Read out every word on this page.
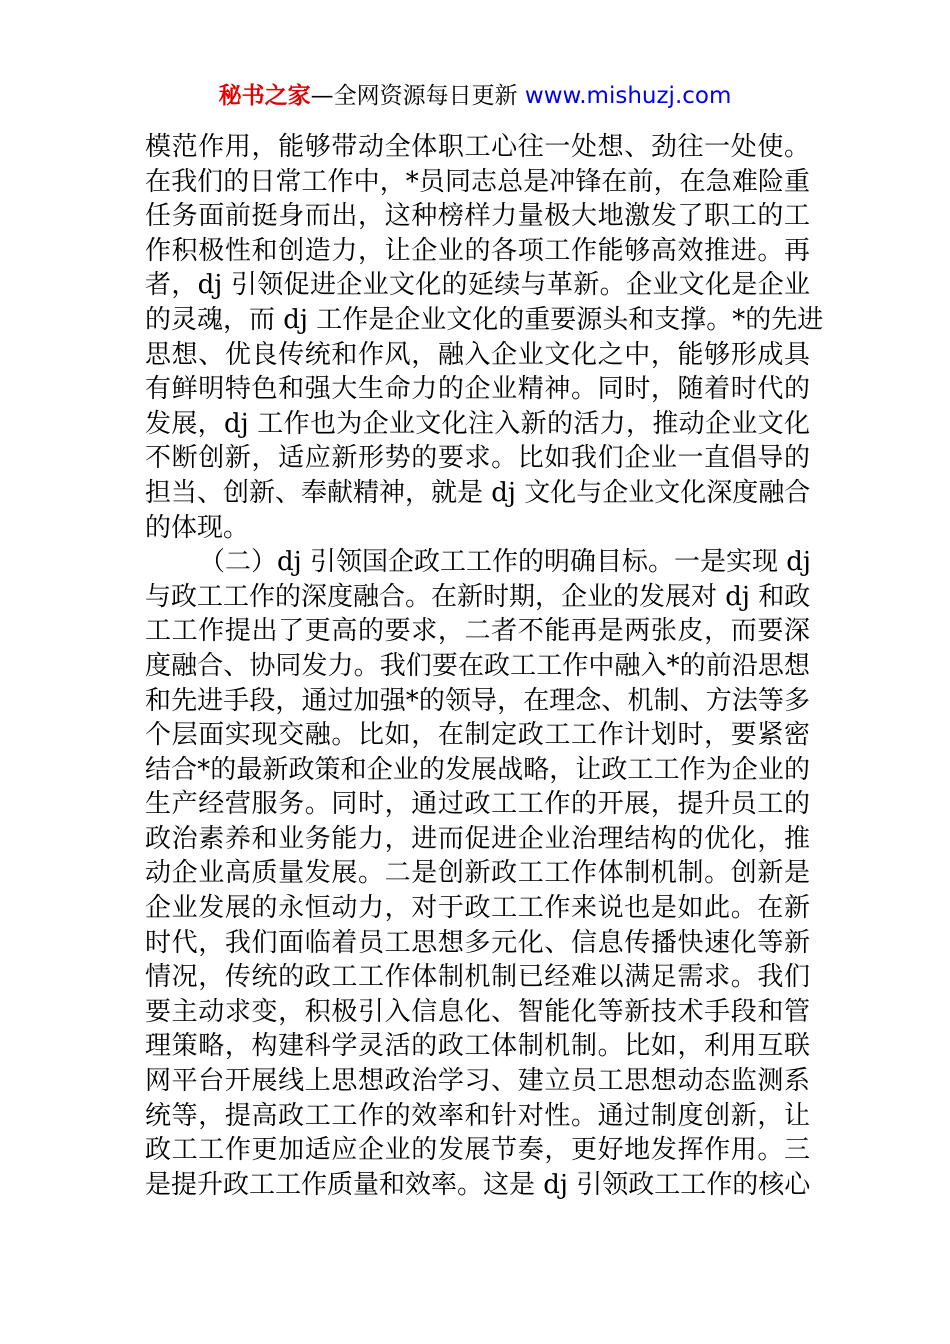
秘书之家—全网资源每日更新 www.mishuzj.com
模范作用，能够带动全体职工心往一处想、劲往一处使。
在我们的日常工作中，*员同志总是冲锋在前，在急难险重
任务面前挺身而出，这种榜样力量极大地激发了职工的工
作积极性和创造力，让企业的各项工作能够高效推进。再
者，dj 引领促进企业文化的延续与革新。企业文化是企业
的灵魂，而 dj 工作是企业文化的重要源头和支撑。*的先进
思想、优良传统和作风，融入企业文化之中，能够形成具
有鲜明特色和强大生命力的企业精神。同时，随着时代的
发展，dj 工作也为企业文化注入新的活力，推动企业文化
不断创新，适应新形势的要求。比如我们企业一直倡导的
担当、创新、奉献精神，就是 dj 文化与企业文化深度融合
的体现。
（二）dj 引领国企政工工作的明确目标。一是实现 dj
与政工工作的深度融合。在新时期，企业的发展对 dj 和政
工工作提出了更高的要求，二者不能再是两张皮，而要深
度融合、协同发力。我们要在政工工作中融入*的前沿思想
和先进手段，通过加强*的领导，在理念、机制、方法等多
个层面实现交融。比如，在制定政工工作计划时，要紧密
结合*的最新政策和企业的发展战略，让政工工作为企业的
生产经营服务。同时，通过政工工作的开展，提升员工的
政治素养和业务能力，进而促进企业治理结构的优化，推
动企业高质量发展。二是创新政工工作体制机制。创新是
企业发展的永恒动力，对于政工工作来说也是如此。在新
时代，我们面临着员工思想多元化、信息传播快速化等新
情况，传统的政工工作体制机制已经难以满足需求。我们
要主动求变，积极引入信息化、智能化等新技术手段和管
理策略，构建科学灵活的政工体制机制。比如，利用互联
网平台开展线上思想政治学习、建立员工思想动态监测系
统等，提高政工工作的效率和针对性。通过制度创新，让
政工工作更加适应企业的发展节奏，更好地发挥作用。三
是提升政工工作质量和效率。这是 dj 引领政工工作的核心
